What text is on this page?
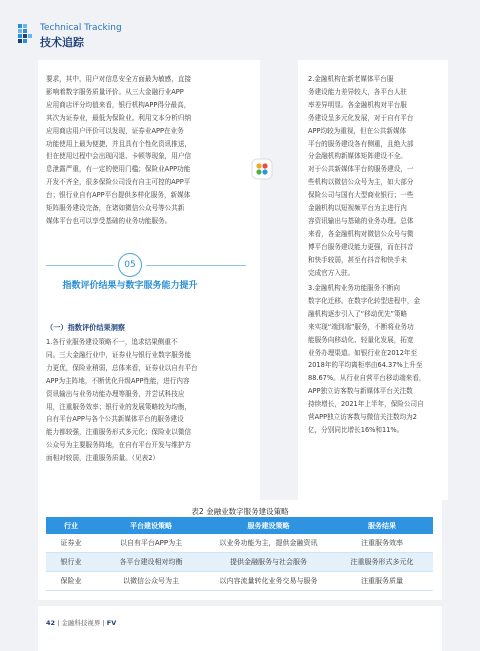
Technical Tracking
技术追踪
要求，其中，用户对信息安全方面最为敏感，直接
影响着数字服务质量评价。从三大金融行业APP
应用商店评分均值来看，银行机构APP得分最高，
其次为证券业，最低为保险业。利用文本分析归纳
应用商店用户评价可以发现，证券业APP在业务
功能使用上最为便捷，并且具有个性化资讯推送，
但在使用过程中会出现闪退、卡顿等现象，用户信
息泄露严重，有一定的使用门槛；保险业APP功能
开发不齐全，很多保险公司没有自主可控的APP平
台；银行业自有APP平台提供多样化服务，新媒体
矩阵服务建设完备，在诸如微信公众号等公共新
媒体平台也可以享受基础的业务功能服务。
05
指数评价结果与数字服务能力提升
（一）指数评价结果洞察
1.各行业服务建设策略不一，追求结果侧重不
同。三大金融行业中，证券业与银行业数字服务能
力更优，保险业稍弱，总体来看，证券业以自有平台
APP为主阵地，不断优化升级APP性能，进行内容
资讯输出与业务功能办理等服务，并尝试科技应
用，注重服务效率；银行业的发展策略较为均衡，
自有平台APP与各个公共新媒体平台的服务建设
能力都较强，注重服务形式多元化；保险业以微信
公众号为主要服务阵地，在自有平台开发与维护方
面相对较弱，注重服务质量。（见表2）
2.金融机构在新老媒体平台服
务建设能力差异较大，各平台人驻
率差异明显。各金融机构对平台服
务建设呈多元化发展，对于自有平台
APP均较为重视，但在公共新媒体
平台的服务建设各有侧重，且绝大部
分金融机构新媒体矩阵建设不全。
对于公共新媒体平台的服务建设，一
些机构以微信公众号为主，如大部分
保险公司与国有大型商业银行；一些
金融机构以短视频平台为主进行内
容资讯输出与基础的业务办理。总体
来看，各金融机构对微信公众号与微
博平台服务建设能力更强，而在抖音
和快手较弱，甚至有抖音和快手未
完成官方入驻。
3.金融机构业务功能服务不断向
数字化迁移。在数字化转型进程中，金
融机构逐步引入了“移动优先”策略
来实现“端到端”服务，不断将业务功
能服务向移动化、轻量化发展，拓宽
业务办理渠道。如银行业在2012年至
2018年的平均离柜率由64.37%上升至
88.67%。从行业自营平台移动端来看，
APP独立访客数与新媒体平台关注数
持续增长，2021年上半年，保险公司自
营APP独立访客数与微信关注数均为2
亿，分别同比增长16%和11%。
表2 金融业数字服务建设策略
行业	平台建设策略	服务建设策略	服务结果
证券业	以自有平台APP为主	以业务功能为主，提供金融资讯	注重服务效率
银行业	各平台建设相对均衡	提供金融服务与社会服务	注重服务形式多元化
保险业	以微信公众号为主	以内容流量转化业务交易与服务	注重服务质量
42 | 金融科技视界 | FV
